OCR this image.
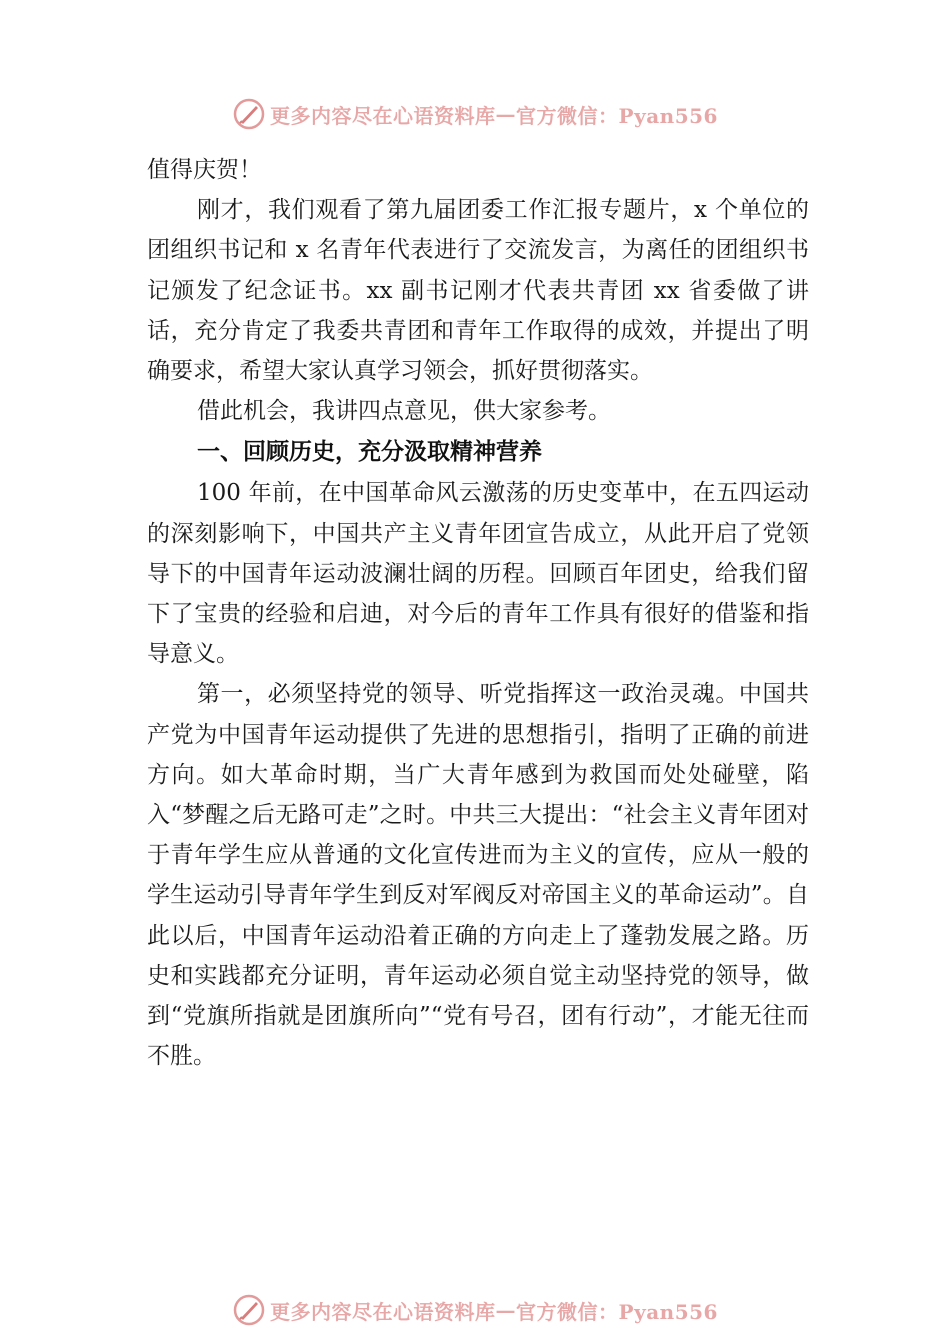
更多内容尽在心语资料库 — 官方微信：Pyan556

值得庆贺！

刚才，我们观看了第九届团委工作汇报专题片，x 个单位的团组织书记和 x 名青年代表进行了交流发言，为离任的团组织书记颁发了纪念证书。xx 副书记刚才代表共青团 xx 省委做了讲话，充分肯定了我委共青团和青年工作取得的成效，并提出了明确要求，希望大家认真学习领会，抓好贯彻落实。

借此机会，我讲四点意见，供大家参考。

一、回顾历史，充分汲取精神营养

100 年前，在中国革命风云激荡的历史变革中，在五四运动的深刻影响下，中国共产主义青年团宣告成立，从此开启了党领导下的中国青年运动波澜壮阔的历程。回顾百年团史，给我们留下了宝贵的经验和启迪，对今后的青年工作具有很好的借鉴和指导意义。

第一，必须坚持党的领导、听党指挥这一政治灵魂。中国共产党为中国青年运动提供了先进的思想指引，指明了正确的前进方向。如大革命时期，当广大青年感到为救国而处处碰壁，陷入“梦醒之后无路可走”之时。中共三大提出：“社会主义青年团对于青年学生应从普通的文化宣传进而为主义的宣传，应从一般的学生运动引导青年学生到反对军阀反对帝国主义的革命运动”。自此以后，中国青年运动沿着正确的方向走上了蓬勃发展之路。历史和实践都充分证明，青年运动必须自觉主动坚持党的领导，做到“党旗所指就是团旗所向”“党有号召，团有行动”，才能无往而不胜。

更多内容尽在心语资料库 — 官方微信：Pyan556
